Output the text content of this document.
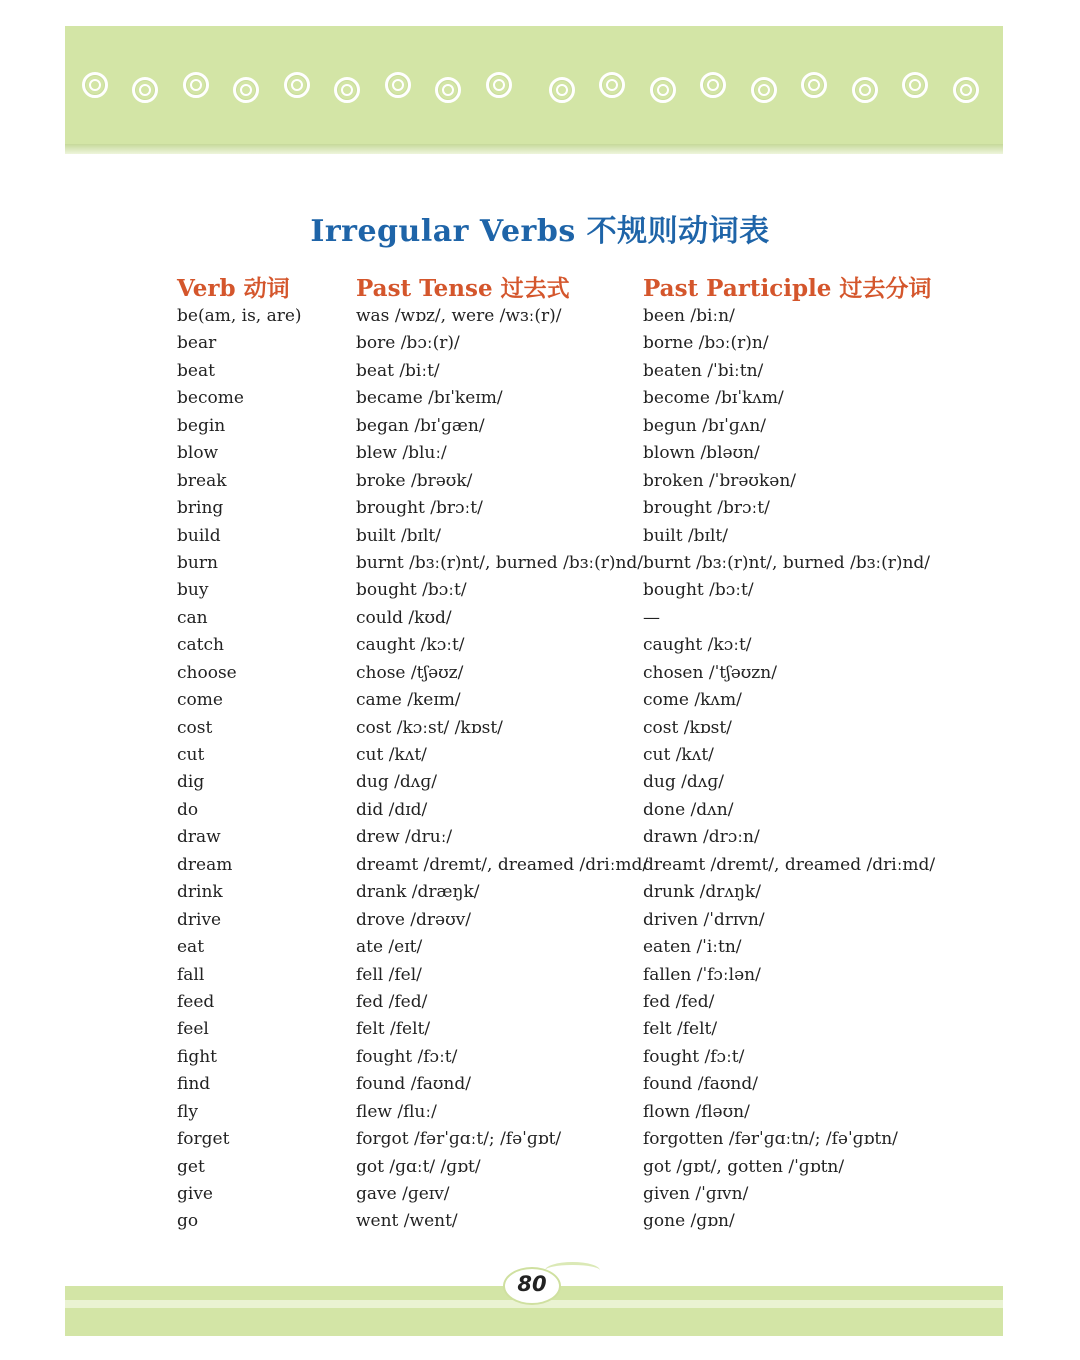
Irregular Verbs 不规则动词表
Verb 动词	Past Tense 过去式	Past Participle 过去分词
be(am, is, are)
bear
beat
become
begin
blow
break
bring
build
burn
buy
can
catch
choose
come
cost
cut
dig
do
draw
dream
drink
drive
eat
fall
feed
feel
fight
find
fly
forget
get
give
go
was /wɒz/, were /wɜː(r)/
bore /bɔː(r)/
beat /biːt/
became /bɪˈkeɪm/
began /bɪˈɡæn/
blew /bluː/
broke /brəʊk/
brought /brɔːt/
built /bɪlt/
burnt /bɜː(r)nt/, burned /bɜː(r)nd/
bought /bɔːt/
could /kʊd/
caught /kɔːt/
chose /tʃəʊz/
came /keɪm/
cost /kɔːst/ /kɒst/
cut /kʌt/
dug /dʌɡ/
did /dɪd/
drew /druː/
dreamt /dremt/, dreamed /driːmd/
drank /dræŋk/
drove /drəʊv/
ate /eɪt/
fell /fel/
fed /fed/
felt /felt/
fought /fɔːt/
found /faʊnd/
flew /fluː/
forgot /fərˈɡɑːt/; /fəˈɡɒt/
got /ɡɑːt/ /ɡɒt/
gave /ɡeɪv/
went /went/
been /biːn/
borne /bɔː(r)n/
beaten /ˈbiːtn/
become /bɪˈkʌm/
begun /bɪˈɡʌn/
blown /bləʊn/
broken /ˈbrəʊkən/
brought /brɔːt/
built /bɪlt/
burnt /bɜː(r)nt/, burned /bɜː(r)nd/
bought /bɔːt/
—
caught /kɔːt/
chosen /ˈtʃəʊzn/
come /kʌm/
cost /kɒst/
cut /kʌt/
dug /dʌɡ/
done /dʌn/
drawn /drɔːn/
dreamt /dremt/, dreamed /driːmd/
drunk /drʌŋk/
driven /ˈdrɪvn/
eaten /ˈiːtn/
fallen /ˈfɔːlən/
fed /fed/
felt /felt/
fought /fɔːt/
found /faʊnd/
flown /fləʊn/
forgotten /fərˈɡɑːtn/; /fəˈɡɒtn/
got /ɡɒt/, gotten /ˈɡɒtn/
given /ˈɡɪvn/
gone /ɡɒn/
80
